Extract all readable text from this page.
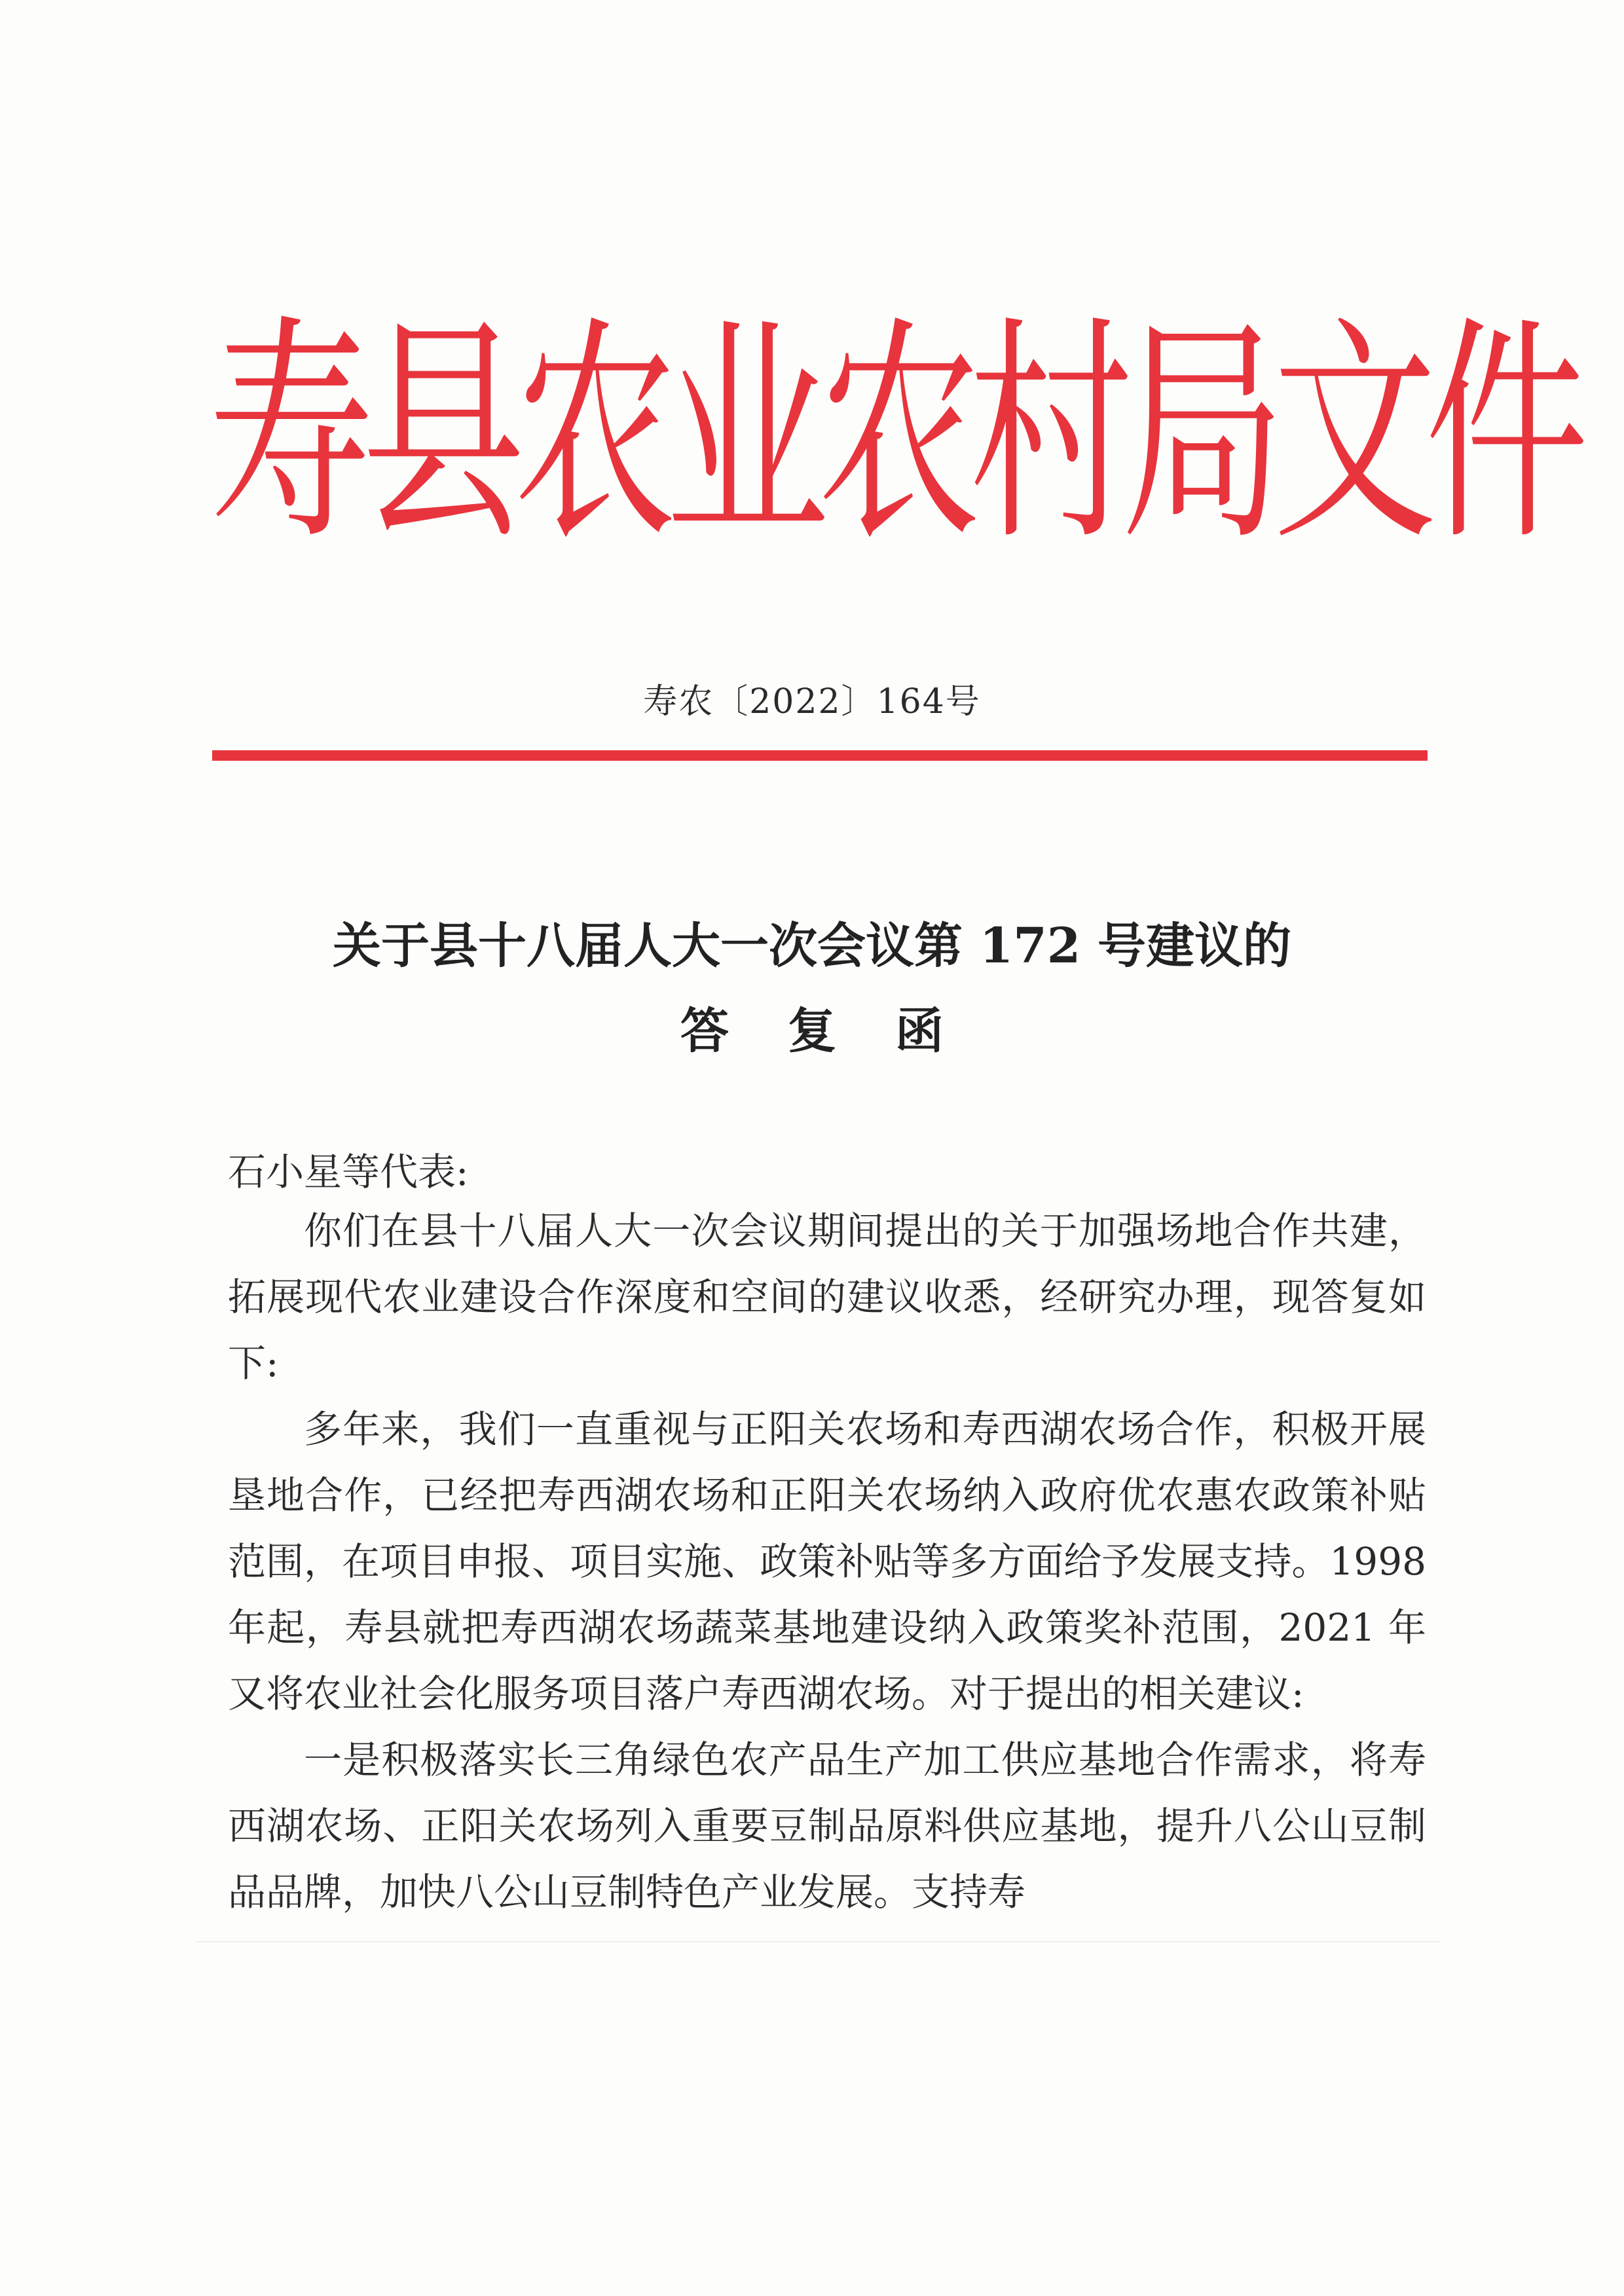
寿县农业农村局文件
寿农〔2022〕164号
关于县十八届人大一次会议第 172 号建议的
答复函
石小星等代表:

你们在县十八届人大一次会议期间提出的关于加强场地合作共建，拓展现代农业建设合作深度和空间的建议收悉，经研究办理，现答复如下:

多年来，我们一直重视与正阳关农场和寿西湖农场合作，积极开展垦地合作，已经把寿西湖农场和正阳关农场纳入政府优农惠农政策补贴范围，在项目申报、项目实施、政策补贴等多方面给予发展支持。1998 年起，寿县就把寿西湖农场蔬菜基地建设纳入政策奖补范围，2021 年又将农业社会化服务项目落户寿西湖农场。对于提出的相关建议:

一是积极落实长三角绿色农产品生产加工供应基地合作需求，将寿西湖农场、正阳关农场列入重要豆制品原料供应基地，提升八公山豆制品品牌，加快八公山豆制特色产业发展。支持寿
